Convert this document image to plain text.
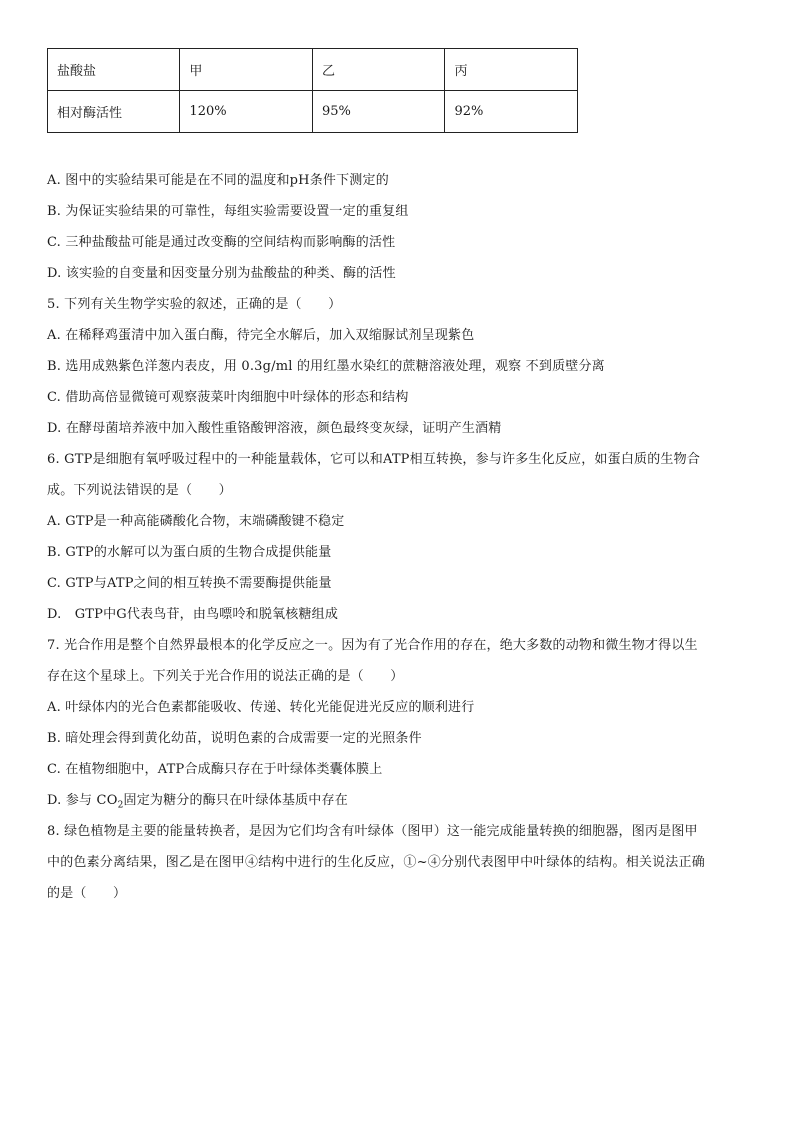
盐酸盐	甲	乙	丙
相对酶活性	120%	95%	92%
A. 图中的实验结果可能是在不同的温度和pH条件下测定的
B. 为保证实验结果的可靠性，每组实验需要设置一定的重复组
C. 三种盐酸盐可能是通过改变酶的空间结构而影响酶的活性
D. 该实验的自变量和因变量分别为盐酸盐的种类、酶的活性
5. 下列有关生物学实验的叙述，正确的是（　　）
A. 在稀释鸡蛋清中加入蛋白酶，待完全水解后，加入双缩脲试剂呈现紫色
B. 选用成熟紫色洋葱内表皮，用 0.3g/ml 的用红墨水染红的蔗糖溶液处理，观察 不到质壁分离
C. 借助高倍显微镜可观察菠菜叶肉细胞中叶绿体的形态和结构
D. 在酵母菌培养液中加入酸性重铬酸钾溶液，颜色最终变灰绿，证明产生酒精
6. GTP是细胞有氧呼吸过程中的一种能量载体，它可以和ATP相互转换，参与许多生化反应，如蛋白质的生物合
成。下列说法错误的是（　　）
A. GTP是一种高能磷酸化合物，末端磷酸键不稳定
B. GTP的水解可以为蛋白质的生物合成提供能量
C. GTP与ATP之间的相互转换不需要酶提供能量
D.　GTP中G代表鸟苷，由鸟嘌呤和脱氧核糖组成
7. 光合作用是整个自然界最根本的化学反应之一。因为有了光合作用的存在，绝大多数的动物和微生物才得以生
存在这个星球上。下列关于光合作用的说法正确的是（　　）
A. 叶绿体内的光合色素都能吸收、传递、转化光能促进光反应的顺利进行
B. 暗处理会得到黄化幼苗，说明色素的合成需要一定的光照条件
C. 在植物细胞中，ATP合成酶只存在于叶绿体类囊体膜上
D. 参与 $CO_2$固定为糖分的酶只在叶绿体基质中存在
8. 绿色植物是主要的能量转换者，是因为它们均含有叶绿体（图甲）这一能完成能量转换的细胞器，图丙是图甲
中的色素分离结果，图乙是在图甲④结构中进行的生化反应，①~④分别代表图甲中叶绿体的结构。相关说法正确
的是（　　）
